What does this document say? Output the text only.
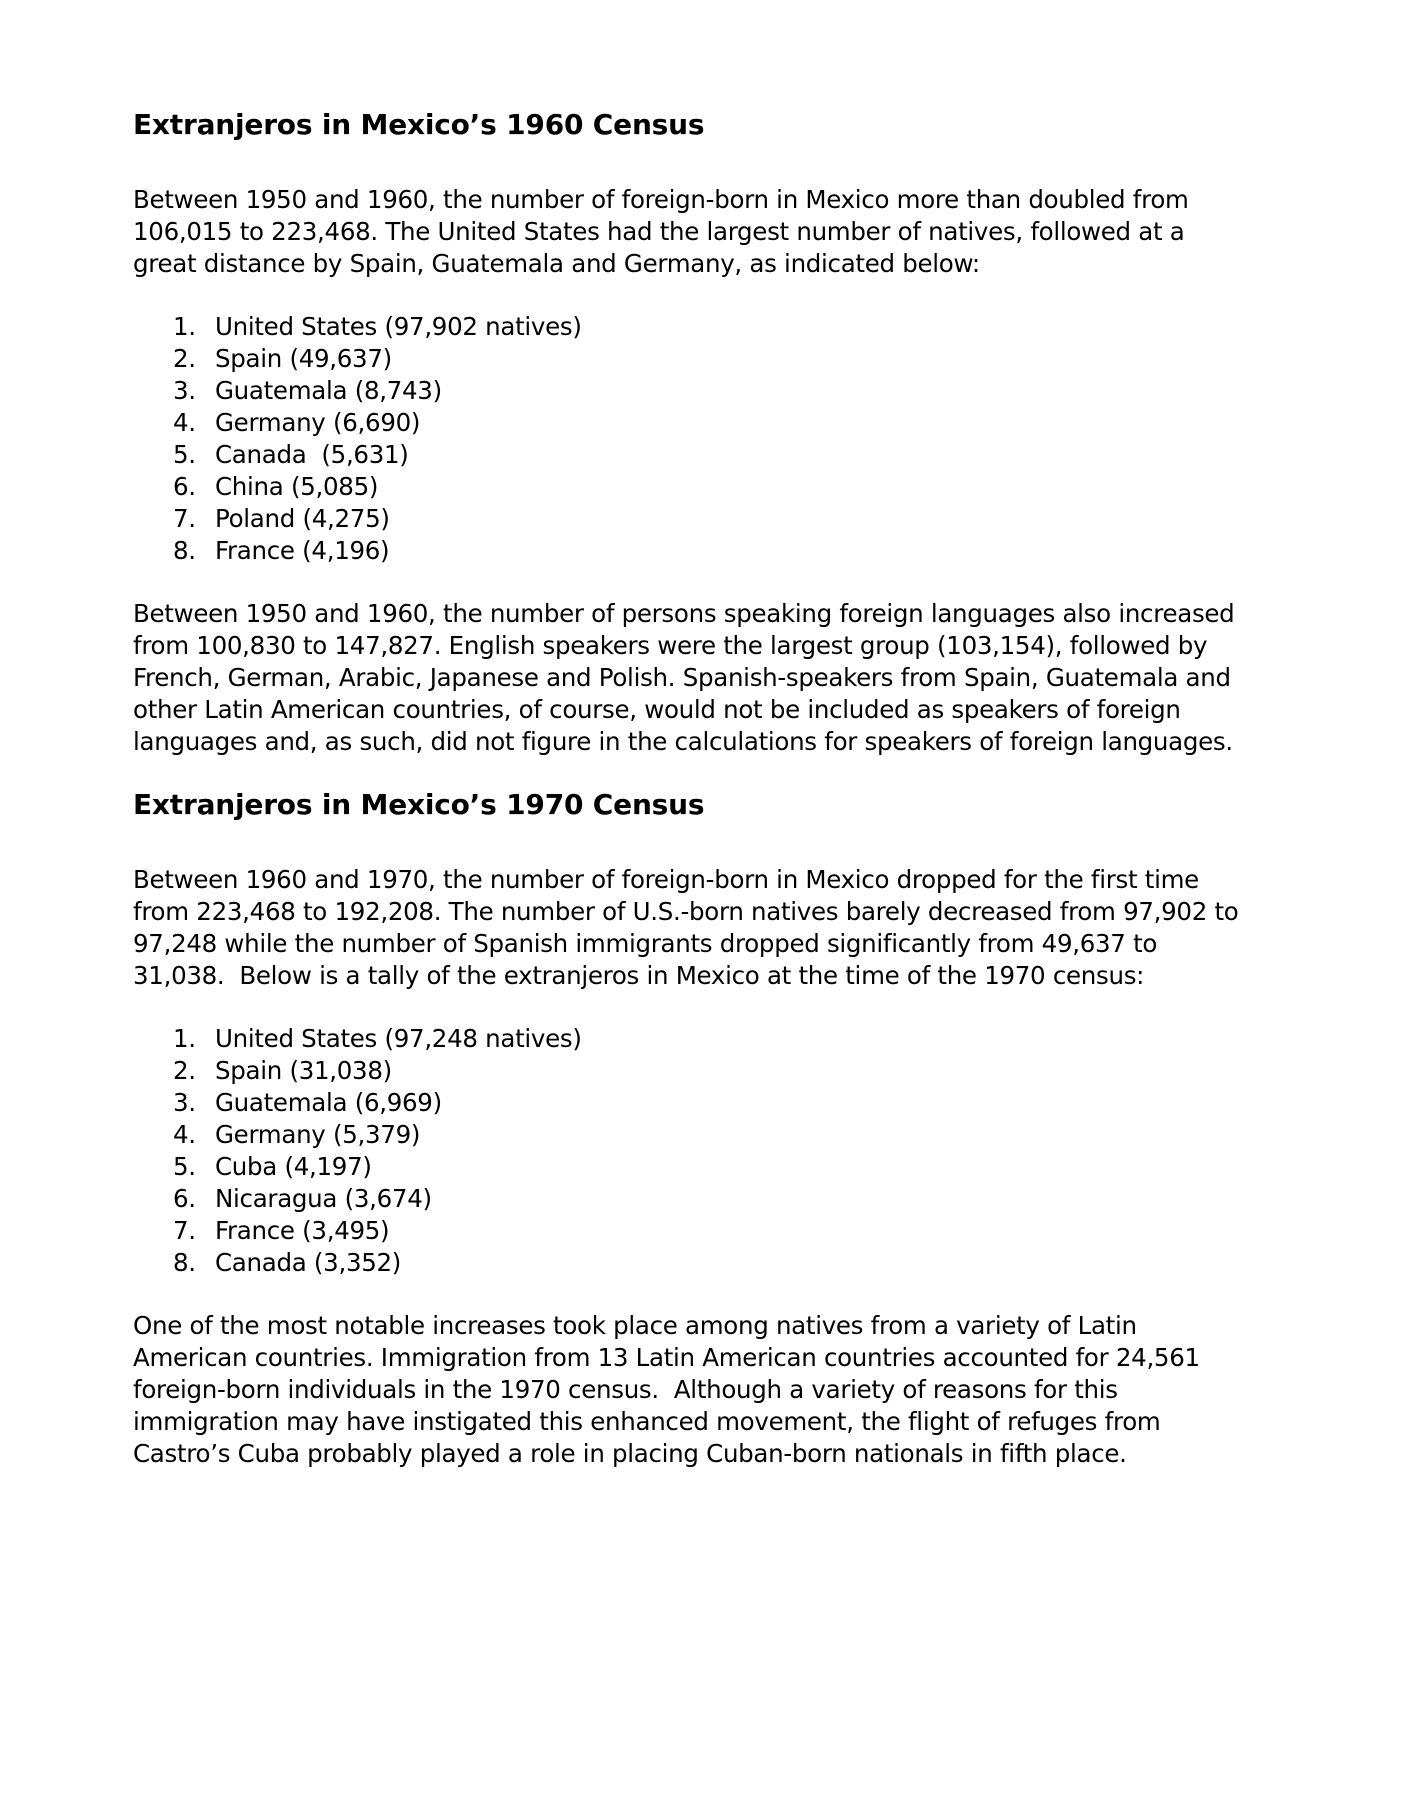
Extranjeros in Mexico’s 1960 Census

Between 1950 and 1960, the number of foreign-born in Mexico more than doubled from
106,015 to 223,468. The United States had the largest number of natives, followed at a
great distance by Spain, Guatemala and Germany, as indicated below:

1. United States (97,902 natives)
2. Spain (49,637)
3. Guatemala (8,743)
4. Germany (6,690)
5. Canada  (5,631)
6. China (5,085)
7. Poland (4,275)
8. France (4,196)

Between 1950 and 1960, the number of persons speaking foreign languages also increased
from 100,830 to 147,827. English speakers were the largest group (103,154), followed by
French, German, Arabic, Japanese and Polish. Spanish-speakers from Spain, Guatemala and
other Latin American countries, of course, would not be included as speakers of foreign
languages and, as such, did not figure in the calculations for speakers of foreign languages.

Extranjeros in Mexico’s 1970 Census

Between 1960 and 1970, the number of foreign-born in Mexico dropped for the first time
from 223,468 to 192,208. The number of U.S.-born natives barely decreased from 97,902 to
97,248 while the number of Spanish immigrants dropped significantly from 49,637 to
31,038.  Below is a tally of the extranjeros in Mexico at the time of the 1970 census:

1. United States (97,248 natives)
2. Spain (31,038)
3. Guatemala (6,969)
4. Germany (5,379)
5. Cuba (4,197)
6. Nicaragua (3,674)
7. France (3,495)
8. Canada (3,352)

One of the most notable increases took place among natives from a variety of Latin
American countries. Immigration from 13 Latin American countries accounted for 24,561
foreign-born individuals in the 1970 census.  Although a variety of reasons for this
immigration may have instigated this enhanced movement, the flight of refuges from
Castro’s Cuba probably played a role in placing Cuban-born nationals in fifth place.
